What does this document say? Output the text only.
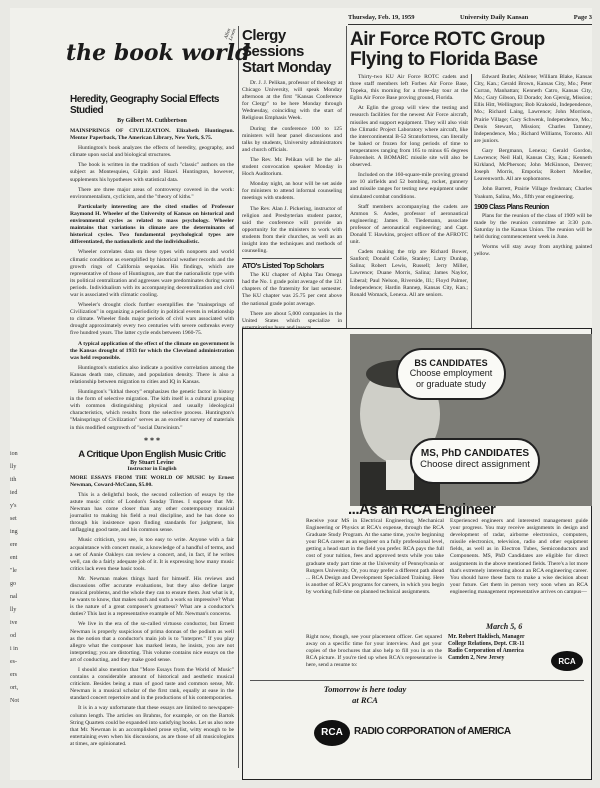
Thursday, Feb. 19, 1959	University Daily Kansan	Page 3
the book world
Allen Lewin
Heredity, Geography Social Effects Studied
By Gilbert M. Cuthbertson

MAINSPRINGS OF CIVILIZATION. Elizabeth Huntington. Mentor Paperback, The American Library, New York, $.75.

Huntington's book analyzes the effects of heredity, geography, and climate upon social and biological structures.

The book is written in the tradition of such "classic" authors on the subject as Montesquieu, Gilpin and Hazel. Huntington, however, supplements his hypotheses with statistical data.

There are three major areas of controversy covered in the work: environmentalism, cyclicism, and the "theory of kiths."

Particularly interesting are the cited studies of Professor Raymond H. Wheeler of the University of Kansas on historical and environmental cycles as related to mass psychology. Wheeler maintains that variations in climate are the determinants of historical cycles. Two fundamental psychological types are differentiated, the nationalistic and the individualistic.

Wheeler correlates data on these types with nonpoets and world climatic conditions as exemplified by historical weather records and the growth rings of California sequoias. His findings, which are representative of those of Huntington, are that the nationalistic type with its political centralization and aggresses ware predominates during warm periods. Individualism with its accompanying decentralization and civil war is associated with climatic cooling.

Wheeler's drought clock further exemplifies the "mainsprings of Civilization" in organizing a periodicity in political events in relationship to climate. Wheeler finds major periods of civil wars associated with drought approximately every two centuries with severe outbreaks every five hundred years. The latter cycle ends between 1960-75.

A typical application of the effect of the climate on government is the Kansas drought of 1933 for which the Cleveland administration was held responsible.

Huntington's statistics also indicate a positive correlation among the Kansas death rate, climate, and population density. There is also a relationship between migration to cities and IQ in Kansas.

Huntington's "kithal theory" emphasizes the genetic factor in history in the form of selective migration. The kith itself is a cultural grouping with common distinguishing physical and usually ideological characteristics, which results from the selective process. Huntington's "Mainsprings of Civilization" serves as an excellent survey of materials in this modified outgrowth of "social Darwinism."

* * *
A Critique Upon English Music Critic
By Stuart Levine
Instructor in English

MORE ESSAYS FROM THE WORLD OF MUSIC by Ernest Newman, Coward-McCann, $5.00.

This is a delightful book, the second collection of essays by the astute music critic of London's Sunday Times. I suppose that Mr. Newman has come closer than any other contemporary musical journalist to making his field a real discipline, and he has done so through his insistence upon finding standards for judgment, his unflagging good taste, and his common sense.

Music criticism, you see, is too easy to write. Anyone with a fair acquaintance with concert music, a knowledge of a handful of terms, and a set of Annie Oakleys can review a concert, and, in fact, if he writes well, can do a fairly adequate job of it. It is expressing how many music critics lack even these basic tools.

Mr. Newman makes things hard for himself. His reviews and discussions offer accurate evaluations, but they also define larger musical problems, and the whole they can to ensure them. Just what is it, he wants to know, that makes such and such a work so impressive? What is the nature of a great composer's greatness? What are a conductor's duties? This last is a representative example of Mr. Newman's concerns.

We live in the era of the so-called virtuoso conductor, but Ernest Newman is properly suspicious of prima donnas of the podium as well as the notion that a conductor's main job is to "interpret." If you play allegro what the composer has marked lento, he insists, you are not interpreting; you are distorting. This volume contains nice essays on the art of conducting, and they make good sense.

I should also mention that "More Essays from the World of Music" contains a considerable amount of historical and aesthetic musical criticism. Besides being a man of good taste and common sense, Mr. Newman is a musical scholar of the first rank, equally at ease in the standard concert repertoire and in the productions of his contemporaries.

It is in a way unfortunate that these essays are limited to newspaper-column length. The articles on Brahms, for example, or on the Bartok String Quartets could be expanded into satisfying books. Let us also note that Mr. Newman is an accomplished prose stylist, witty enough to be entertaining even when his discussions, as are those of all musicologists at times, are opinionated.

ion
lly
ith
ied
y's
set
ing
ere
ent
"le
go
nal
lly
ive
od
i in
es-
ers
ort,
Not
Clergy Sessions
Start Monday

Dr. J. J. Pelikan, professor of theology at Chicago University, will speak Monday afternoon at the first "Kansas Conference for Clergy" to be here Monday through Wednesday, coinciding with the start of Religious Emphasis Week.

During the conference 100 to 125 ministers will hear panel discussions and talks by students, University administrators and church officials.

The Rev. Mr. Pelikan will be the all-student convocation speaker Monday in Hoch Auditorium.

Monday night, an hour will be set aside for ministers to attend informal counseling meetings with students.

The Rev. Alan J. Pickering, instructor of religion and Presbyterian student pastor, said the conference will provide an opportunity for the ministers to work with students from their churches, as well as an insight into the techniques and methods of counseling.

ATO's Listed Top Scholars

The KU chapter of Alpha Tau Omega had the No. 1 grade point average of the 121 chapters of the fraternity for last semester. The KU chapter was 25.75 per cent above the national grade point average.

There are about 5,000 companies in the United States which specialize in

Air Force ROTC Group
Flying to Florida Base

Thirty-two KU Air Force ROTC cadets and three staff members left Forbes Air Force Base, Topeka, this morning for a three-day tour at the Eglin Air Force Base proving ground, Florida.

At Eglin the group will view the testing and research facilities for the newest Air Force aircraft, missiles and support equipment. They will also visit the Climatic Project Laboratory where aircraft, like the intercontinental B-52 Stratofortress, can literally be baked or frozen for long periods of time to temperatures ranging from 165 to minus 65 degrees Fahrenheit. A BOMARC missile site will also be observed.

Included on the 160-square-mile proving ground are 10 airfields and 52 bombing, rocket, gunnery and missile ranges for testing new equipment under simulated combat conditions.

Staff members accompanying the cadets are Ammon S. Andes, professor of aeronautical engineering; James B. Tiedemann, associate professor of aeronautical engineering; and Capt. Donald T. Hawkins, project officer of the AFROTC unit.

Cadets making the trip are Richard Bower, Sanford; Donald Collie, Stanley; Larry Dunlap, Salina; Robert Lewis, Russell; Jerry Miller, Lawrence; Duane Morris, Salina; James Naylor, Liberal; Paul Nelson, Riverside, Ill.; Floyd Palmer, Independence; Hardin Rannep, Kansas City, Kan.; Ronald Womack, Lenexa. All are seniors.

Edward Butler, Abilene; William Blake, Kansas City, Kan.; Gerald Brown, Kansas City, Mo.; Peter Curran, Manhattan; Kenneth Catro, Kansas City, Mo.; Gary Gibson, El Dorado; Jon Gjersig, Mission; Ellis Hitt, Wellington; Bob Krakoski, Independence, Mo.; Richard Laing, Lawrence; John Morrison, Prairie Village; Gary Schwenk, Independence, Mo.; Denis Stewart, Mission; Charles Tamney, Independence, Mo.; Richard Williams, Toronto. All are juniors.

Gary Bergmann, Lenexa; Gerald Gordon, Lawrence; Neil Hall, Kansas City, Kan.; Kenneth Kirkland, McPherson; John McKinnon, Denver; Joseph Morris, Emporia; Robert Moeller, Leavenworth. All are sophomores.

John Barrett, Prairie Village freshman; Charles Yoakum, Salina, Mo., fifth year engineering.

1909 Class Plans Reunion

Plans for the reunion of the class of 1909 will be made by the reunion committee at 3:30 p.m. Saturday in the Kansas Union. The reunion will be held during commencement week in June.

Worms will stay away from anything painted yellow.

BS CANDIDATES
Choose employment
or graduate study
MS, PhD CANDIDATES
Choose direct assignment
...As an RCA Engineer

Receive your MS in Electrical Engineering, Mechanical Engineering or Physics at RCA's expense, through the RCA Graduate Study Program. At the same time, you're beginning your RCA career as an engineer on a fully professional level, getting a head start in the field you prefer. RCA pays the full cost of your tuition, fees and approved texts while you take graduate study part time at the University of Pennsylvania or Rutgers University. Or, you may prefer a different path ahead ... RCA Design and Development Specialized Training. Here is another of RCA's programs for careers, in which you begin by working full-time on planned technical assignments.

Experienced engineers and interested management guide your progress. You may receive assignments in design and development of radar, airborne electronics, computers, missile electronics, television, radio and other equipment fields, as well as in Electron Tubes, Semiconductors and Components. MS, PhD Candidates are eligible for direct assignments in the above mentioned fields. There's a lot more that's extremely interesting about an RCA engineering career. You should have these facts to make a wise decision about your future. Get them in person very soon when an RCA engineering management representative arrives on campus—

March 5, 6

Right now, though, see your placement officer. Get squared away on a specific time for your interview. And get your copies of the brochures that also help to fill you in on the RCA picture. If you're tied up when RCA's representative is here, send a resume to:

Mr. Robert Haklisch, Manager
College Relations, Dept. CR-11
Radio Corporation of America
Camden 2, New Jersey	RCA
Tomorrow is here today
at RCA
RCA	RADIO CORPORATION of AMERICA
